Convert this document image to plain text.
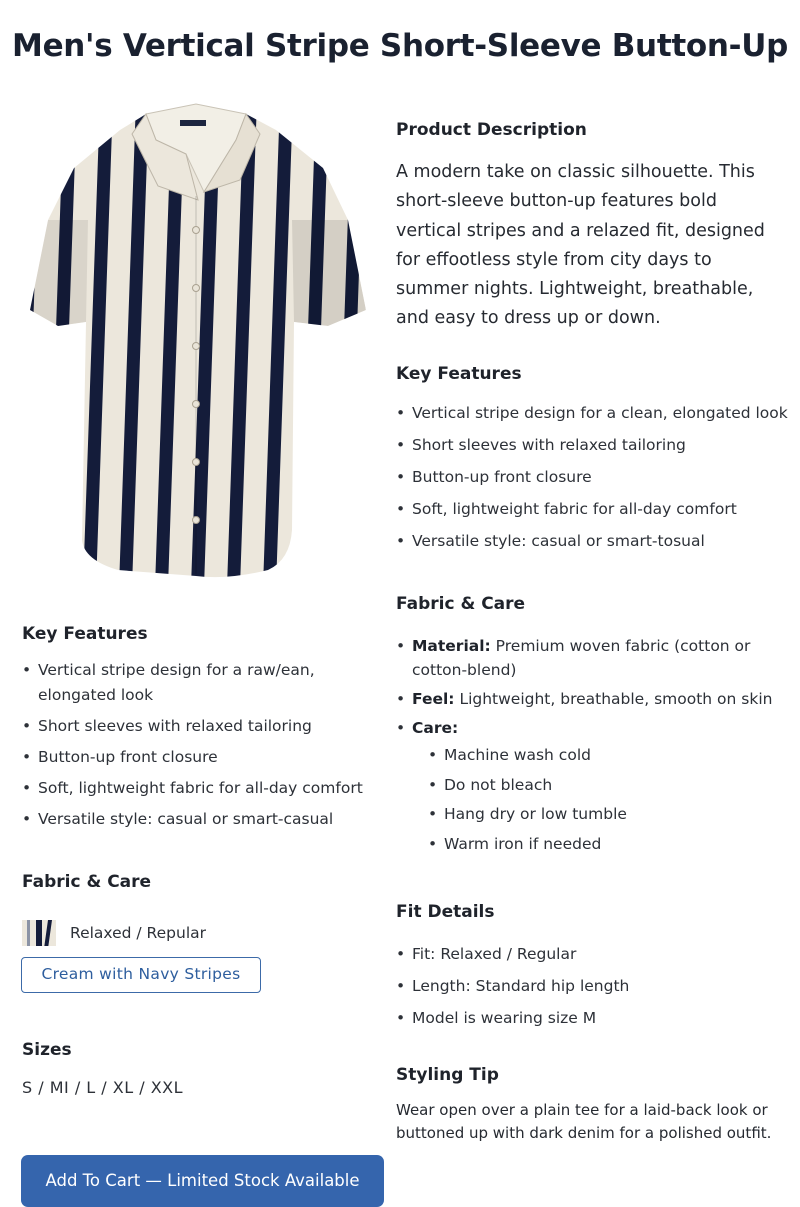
Men's Vertical Stripe Short-Sleeve Button-Up
Key Features
• Vertical stripe design for a raw/ean, elongated look
• Short sleeves with relaxed tailoring
• Button-up front closure
• Soft, lightweight fabric for all-day comfort
• Versatile style: casual or smart-casual
Fabric & Care
Relaxed / Repular
Cream with Navy Stripes
Sizes
S / MI / L / XL / XXL
Add To Cart — Limited Stock Available
Product Description
A modern take on classic silhouette. This short-sleeve button-up features bold vertical stripes and a relazed fit, designed for effootless style from city days to summer nights. Lightweight, breathable, and easy to dress up or down.
Key Features
• Vertical stripe design for a clean, elongated look
• Short sleeves with relaxed tailoring
• Button-up front closure
• Soft, lightweight fabric for all-day comfort
• Versatile style: casual or smart-tosual
Fabric & Care
• Material: Premium woven fabric (cotton or cotton-blend)
• Feel: Lightweight, breathable, smooth on skin
• Care:
• Machine wash cold
• Do not bleach
• Hang dry or low tumble
• Warm iron if needed
Fit Details
• Fit: Relaxed / Regular
• Length: Standard hip length
• Model is wearing size M
Styling Tip
Wear open over a plain tee for a laid-back look or buttoned up with dark denim for a polished outfit.
